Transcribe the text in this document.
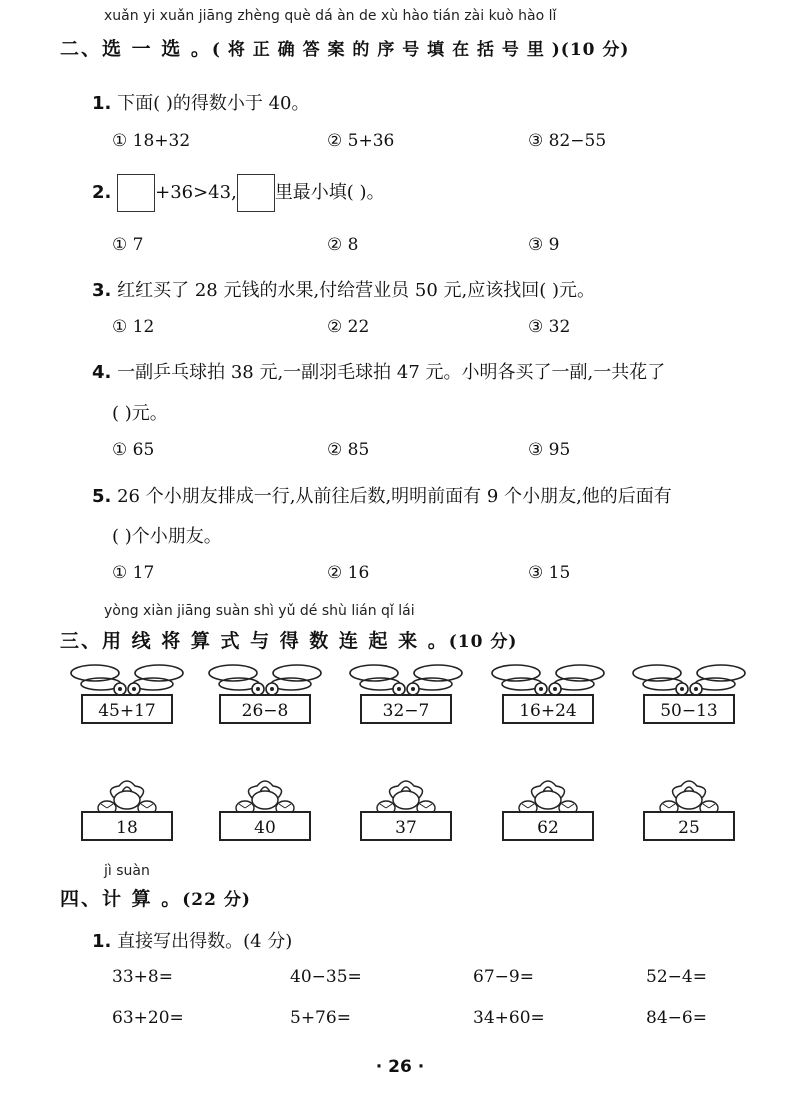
xuǎn yi xuǎn jiāng zhèng què dá àn de xù hào tián zài kuò hào lǐ
二、选 一 选 。( 将 正 确 答 案 的 序 号 填 在 括 号 里 )(10 分)
1. 下面( )的得数小于 40。
① 18+32	② 5+36	③ 82−55
2. +36>43, 里最小填( )。
① 7	② 8	③ 9
3. 红红买了 28 元钱的水果,付给营业员 50 元,应该找回( )元。
① 12	② 22	③ 32
4. 一副乒乓球拍 38 元,一副羽毛球拍 47 元。小明各买了一副,一共花了
( )元。
① 65	② 85	③ 95
5. 26 个小朋友排成一行,从前往后数,明明前面有 9 个小朋友,他的后面有
( )个小朋友。
① 17	② 16	③ 15
yòng xiàn jiāng suàn shì yǔ dé shù lián qǐ lái
三、用 线 将 算 式 与 得 数 连 起 来 。(10 分)
45+17	26−8	32−7	16+24	50−13
18	40	37	62	25
jì suàn
四、计 算 。(22 分)
1. 直接写出得数。(4 分)
33+8=	40−35=	67−9=	52−4=
63+20=	5+76=	34+60=	84−6=
· 26 ·
